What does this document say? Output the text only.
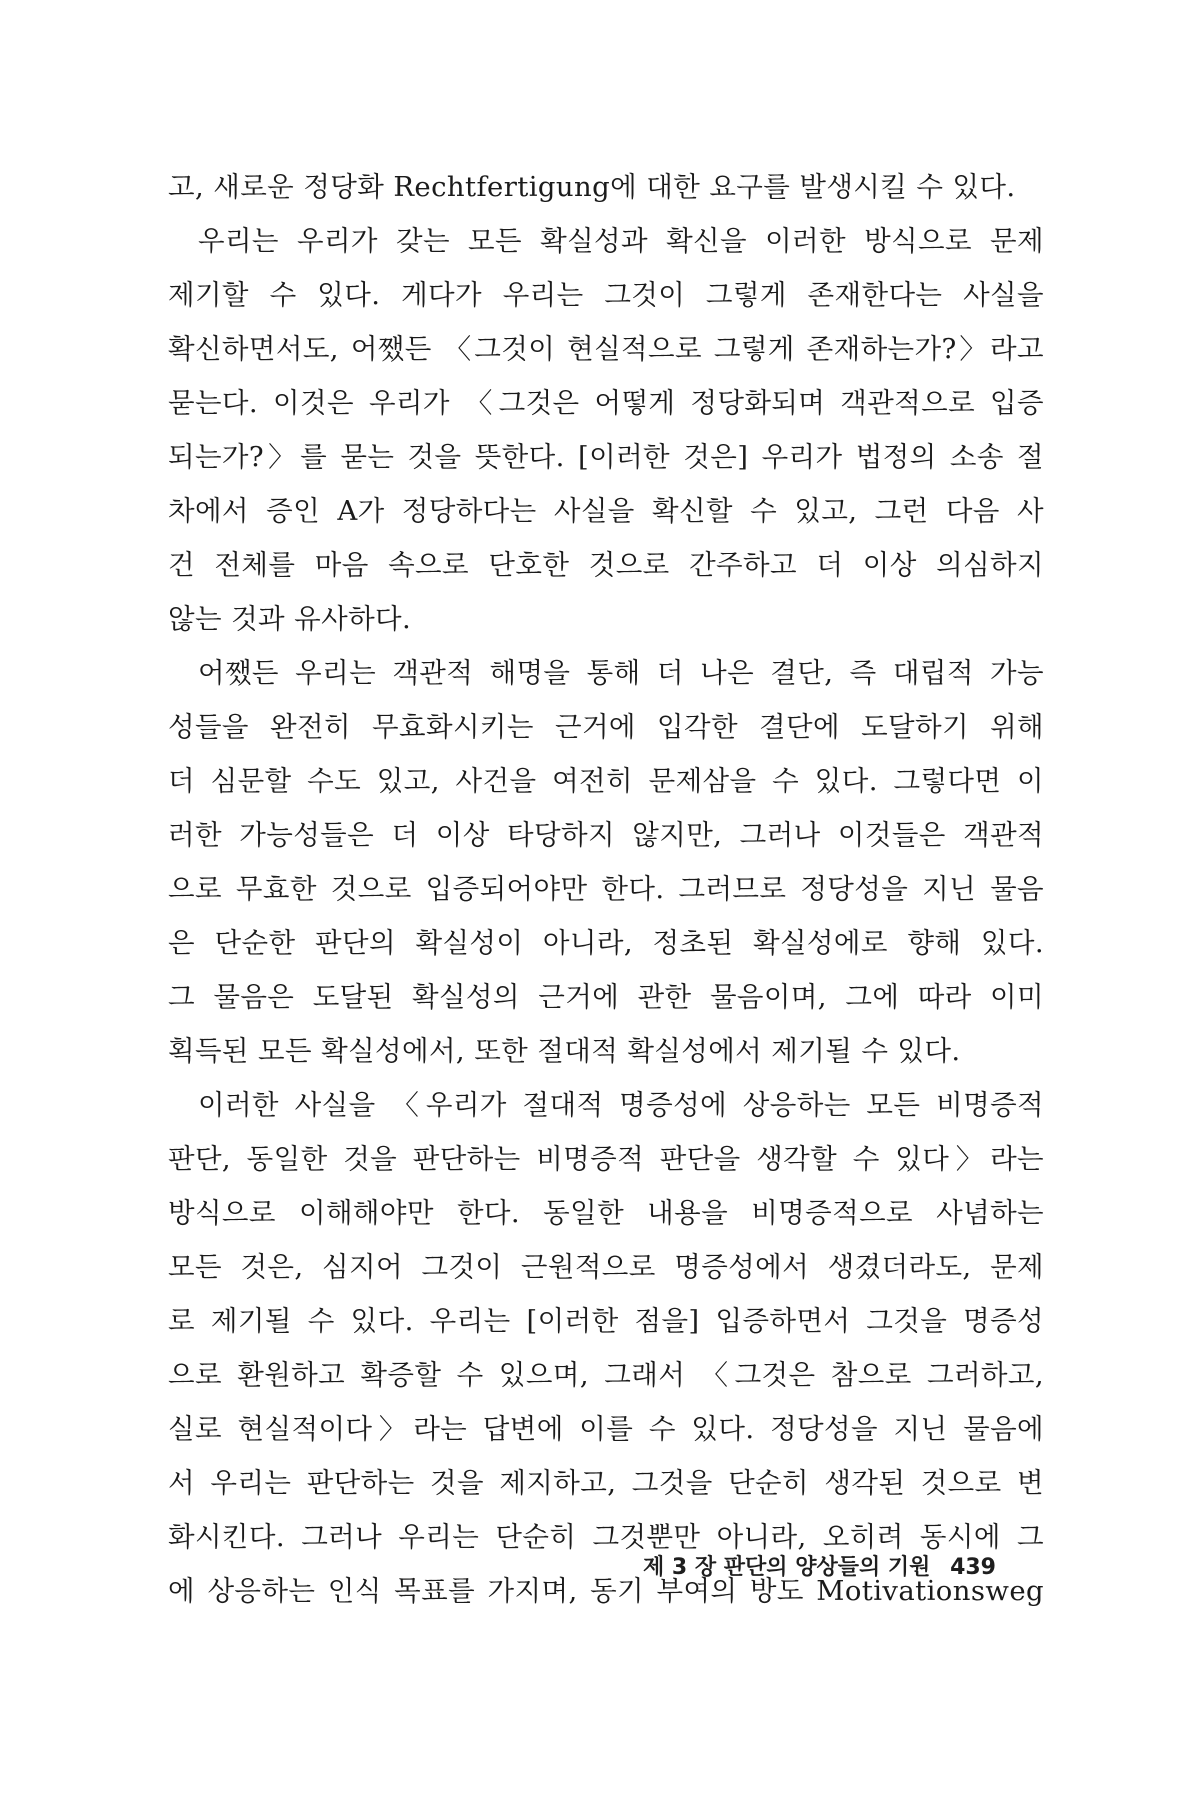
고, 새로운 정당화 Rechtfertigung에 대한 요구를 발생시킬 수 있다.
우리는 우리가 갖는 모든 확실성과 확신을 이러한 방식으로 문제
제기할 수 있다. 게다가 우리는 그것이 그렇게 존재한다는 사실을
확신하면서도, 어쨌든 〈그것이 현실적으로 그렇게 존재하는가?〉라고
묻는다. 이것은 우리가 〈그것은 어떻게 정당화되며 객관적으로 입증
되는가?〉를 묻는 것을 뜻한다. [이러한 것은] 우리가 법정의 소송 절
차에서 증인 A가 정당하다는 사실을 확신할 수 있고, 그런 다음 사
건 전체를 마음 속으로 단호한 것으로 간주하고 더 이상 의심하지
않는 것과 유사하다.
어쨌든 우리는 객관적 해명을 통해 더 나은 결단, 즉 대립적 가능
성들을 완전히 무효화시키는 근거에 입각한 결단에 도달하기 위해
더 심문할 수도 있고, 사건을 여전히 문제삼을 수 있다. 그렇다면 이
러한 가능성들은 더 이상 타당하지 않지만, 그러나 이것들은 객관적
으로 무효한 것으로 입증되어야만 한다. 그러므로 정당성을 지닌 물음
은 단순한 판단의 확실성이 아니라, 정초된 확실성에로 향해 있다.
그 물음은 도달된 확실성의 근거에 관한 물음이며, 그에 따라 이미
획득된 모든 확실성에서, 또한 절대적 확실성에서 제기될 수 있다.
이러한 사실을 〈우리가 절대적 명증성에 상응하는 모든 비명증적
판단, 동일한 것을 판단하는 비명증적 판단을 생각할 수 있다〉라는
방식으로 이해해야만 한다. 동일한 내용을 비명증적으로 사념하는
모든 것은, 심지어 그것이 근원적으로 명증성에서 생겼더라도, 문제
로 제기될 수 있다. 우리는 [이러한 점을] 입증하면서 그것을 명증성
으로 환원하고 확증할 수 있으며, 그래서 〈그것은 참으로 그러하고,
실로 현실적이다〉라는 답변에 이를 수 있다. 정당성을 지닌 물음에
서 우리는 판단하는 것을 제지하고, 그것을 단순히 생각된 것으로 변
화시킨다. 그러나 우리는 단순히 그것뿐만 아니라, 오히려 동시에 그
에 상응하는 인식 목표를 가지며, 동기 부여의 방도 Motivationsweg
제 3 장 판단의 양상들의 기원 439
